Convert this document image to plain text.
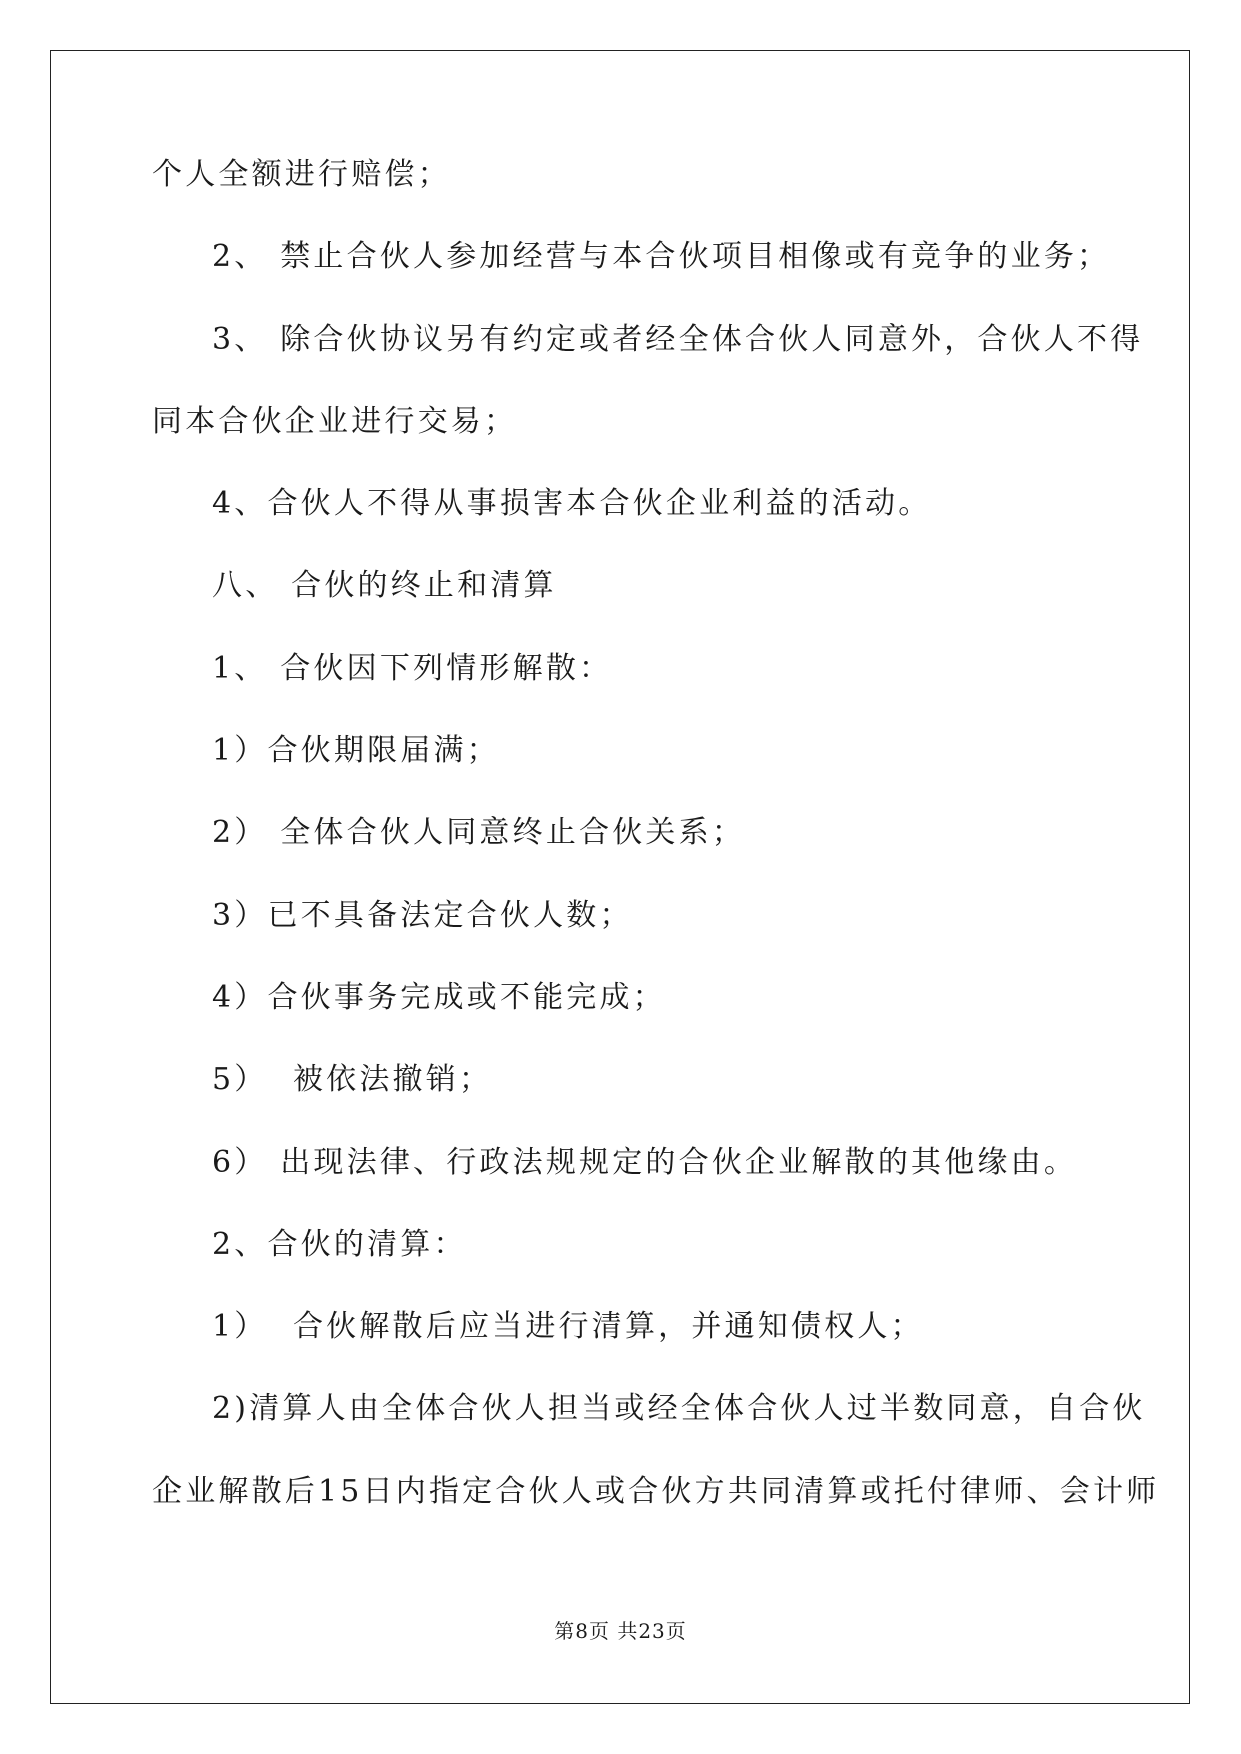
个人全额进行赔偿；
2、 禁止合伙人参加经营与本合伙项目相像或有竞争的业务；
3、 除合伙协议另有约定或者经全体合伙人同意外，合伙人不得
同本合伙企业进行交易；
4、合伙人不得从事损害本合伙企业利益的活动。
八、 合伙的终止和清算
1、 合伙因下列情形解散：
1）合伙期限届满；
2） 全体合伙人同意终止合伙关系；
3）已不具备法定合伙人数；
4）合伙事务完成或不能完成；
5）  被依法撤销；
6） 出现法律、行政法规规定的合伙企业解散的其他缘由。
2、合伙的清算：
1）  合伙解散后应当进行清算，并通知债权人；
2)清算人由全体合伙人担当或经全体合伙人过半数同意，自合伙
企业解散后15日内指定合伙人或合伙方共同清算或托付律师、会计师
第8页 共23页
